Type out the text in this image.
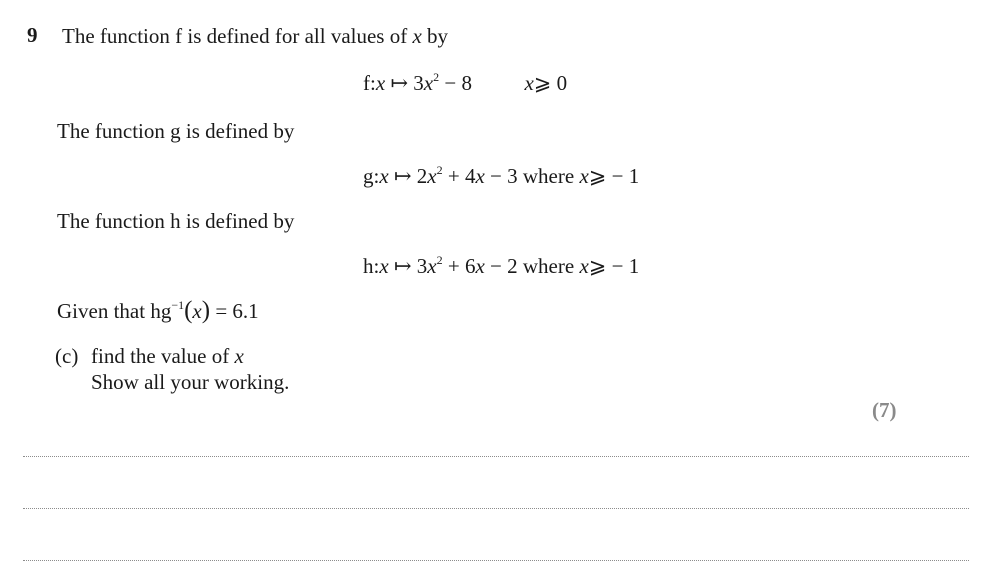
9 The function f is defined for all values of x by
f:x ↦ $3x^2 - 8$	x⩾ 0
The function g is defined by
g:x ↦ $2x^2 + 4x - 3$ where x⩾ − 1
The function h is defined by
h:x ↦ $3x^2 + 6x - 2$ where x⩾ − 1
Given that $hg^{-1}(x) = 6.1$
(c) find the value of x
Show all your working.
(7)
